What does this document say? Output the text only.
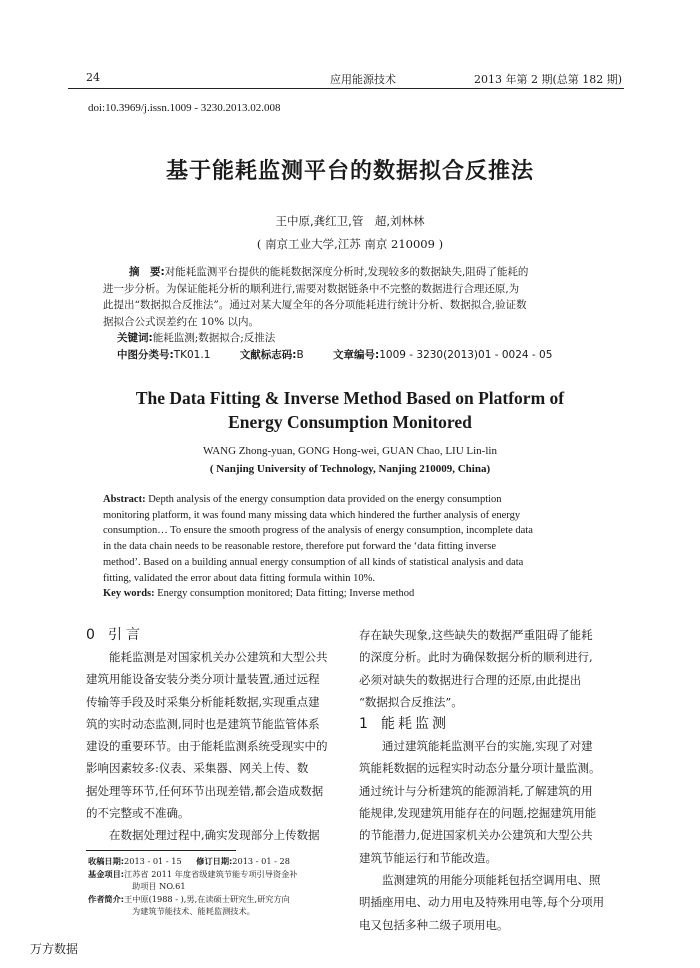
24	应用能源技术	2013 年第 2 期(总第 182 期)
doi:10.3969/j.issn.1009 - 3230.2013.02.008
基于能耗监测平台的数据拟合反推法
王中原,龚红卫,管　超,刘林林
( 南京工业大学,江苏 南京 210009 )
摘　要:对能耗监测平台提供的能耗数据深度分析时,发现较多的数据缺失,阻碍了能耗的
进一步分析。为保证能耗分析的顺利进行,需要对数据链条中不完整的数据进行合理还原,为
此提出“数据拟合反推法”。通过对某大厦全年的各分项能耗进行统计分析、数据拟合,验证数
据拟合公式误差约在 10% 以内。
关键词:能耗监测;数据拟合;反推法
中图分类号:TK01.1	文献标志码:B	文章编号:1009 - 3230(2013)01 - 0024 - 05
The Data Fitting & Inverse Method Based on Platform of
Energy Consumption Monitored
WANG Zhong-yuan, GONG Hong-wei, GUAN Chao, LIU Lin-lin
( Nanjing University of Technology, Nanjing 210009, China)
Abstract: Depth analysis of the energy consumption data provided on the energy consumption
monitoring platform, it was found many missing data which hindered the further analysis of energy
consumption… To ensure the smooth progress of the analysis of energy consumption, incomplete data
in the data chain needs to be reasonable restore, therefore put forward the ‘data fitting inverse
method’. Based on a building annual energy consumption of all kinds of statistical analysis and data
fitting, validated the error about data fitting formula within 10%.
Key words: Energy consumption monitored; Data fitting; Inverse method
0 引言

能耗监测是对国家机关办公建筑和大型公共

建筑用能设备安装分类分项计量装置,通过远程

传输等手段及时采集分析能耗数据,实现重点建

筑的实时动态监测,同时也是建筑节能监管体系

建设的重要环节。由于能耗监测系统受现实中的

影响因素较多:仪表、采集器、网关上传、数

据处理等环节,任何环节出现差错,都会造成数据

的不完整或不准确。

在数据处理过程中,确实发现部分上传数据

收稿日期:2013 - 01 - 15 修订日期:2013 - 01 - 28
基金项目:江苏省 2011 年度省级建筑节能专项引导资金补
助项目 NO.61
作者简介:王中原(1988 - ),男,在读硕士研究生,研究方向
为建筑节能技术、能耗监测技术。

存在缺失现象,这些缺失的数据严重阻碍了能耗

的深度分析。此时为确保数据分析的顺利进行,

必须对缺失的数据进行合理的还原,由此提出

“数据拟合反推法”。

1 能耗监测

通过建筑能耗监测平台的实施,实现了对建

筑能耗数据的远程实时动态分量分项计量监测。

通过统计与分析建筑的能源消耗,了解建筑的用

能规律,发现建筑用能存在的问题,挖掘建筑用能

的节能潜力,促进国家机关办公建筑和大型公共

建筑节能运行和节能改造。

监测建筑的用能分项能耗包括空调用电、照

明插座用电、动力用电及特殊用电等,每个分项用

电又包括多种二级子项用电。

万方数据
